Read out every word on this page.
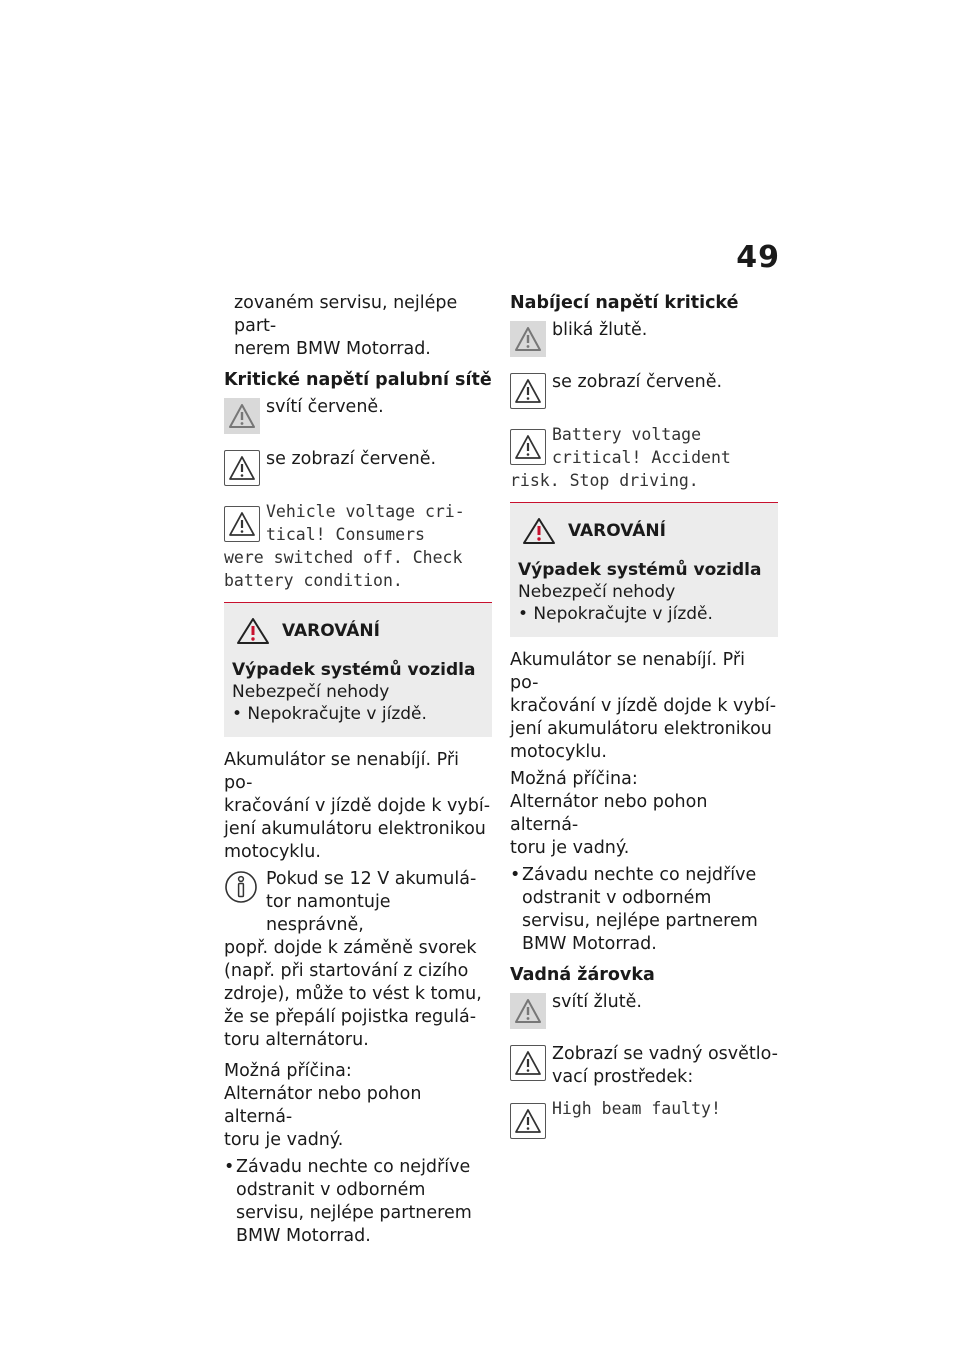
49
zovaném servisu, nejlépe part-
nerem BMW Motorrad.
Kritické napětí palubní sítě
svítí červeně.
se zobrazí červeně.
Vehicle voltage cri-
tical! Consumers
were switched off. Check
battery condition.
VAROVÁNÍ
Výpadek systémů vozidla
Nebezpečí nehody
• Nepokračujte v jízdě.
Akumulátor se nenabíjí. Při po-
kračování v jízdě dojde k vybí-
jení akumulátoru elektronikou
motocyklu.
Pokud se 12 V akumulá-
tor namontuje nesprávně,
popř. dojde k záměně svorek
(např. při startování z cizího
zdroje), může to vést k tomu,
že se přepálí pojistka regulá-
toru alternátoru.
Možná příčina:
Alternátor nebo pohon alterná-
toru je vadný.
• Závadu nechte co nejdříve
odstranit v odborném
servisu, nejlépe partnerem
BMW Motorrad.
Nabíjecí napětí kritické
bliká žlutě.
se zobrazí červeně.
Battery voltage
critical! Accident
risk. Stop driving.
VAROVÁNÍ
Výpadek systémů vozidla
Nebezpečí nehody
• Nepokračujte v jízdě.
Akumulátor se nenabíjí. Při po-
kračování v jízdě dojde k vybí-
jení akumulátoru elektronikou
motocyklu.
Možná příčina:
Alternátor nebo pohon alterná-
toru je vadný.
• Závadu nechte co nejdříve
odstranit v odborném
servisu, nejlépe partnerem
BMW Motorrad.
Vadná žárovka
svítí žlutě.
Zobrazí se vadný osvětlo-
vací prostředek:
High beam faulty!
